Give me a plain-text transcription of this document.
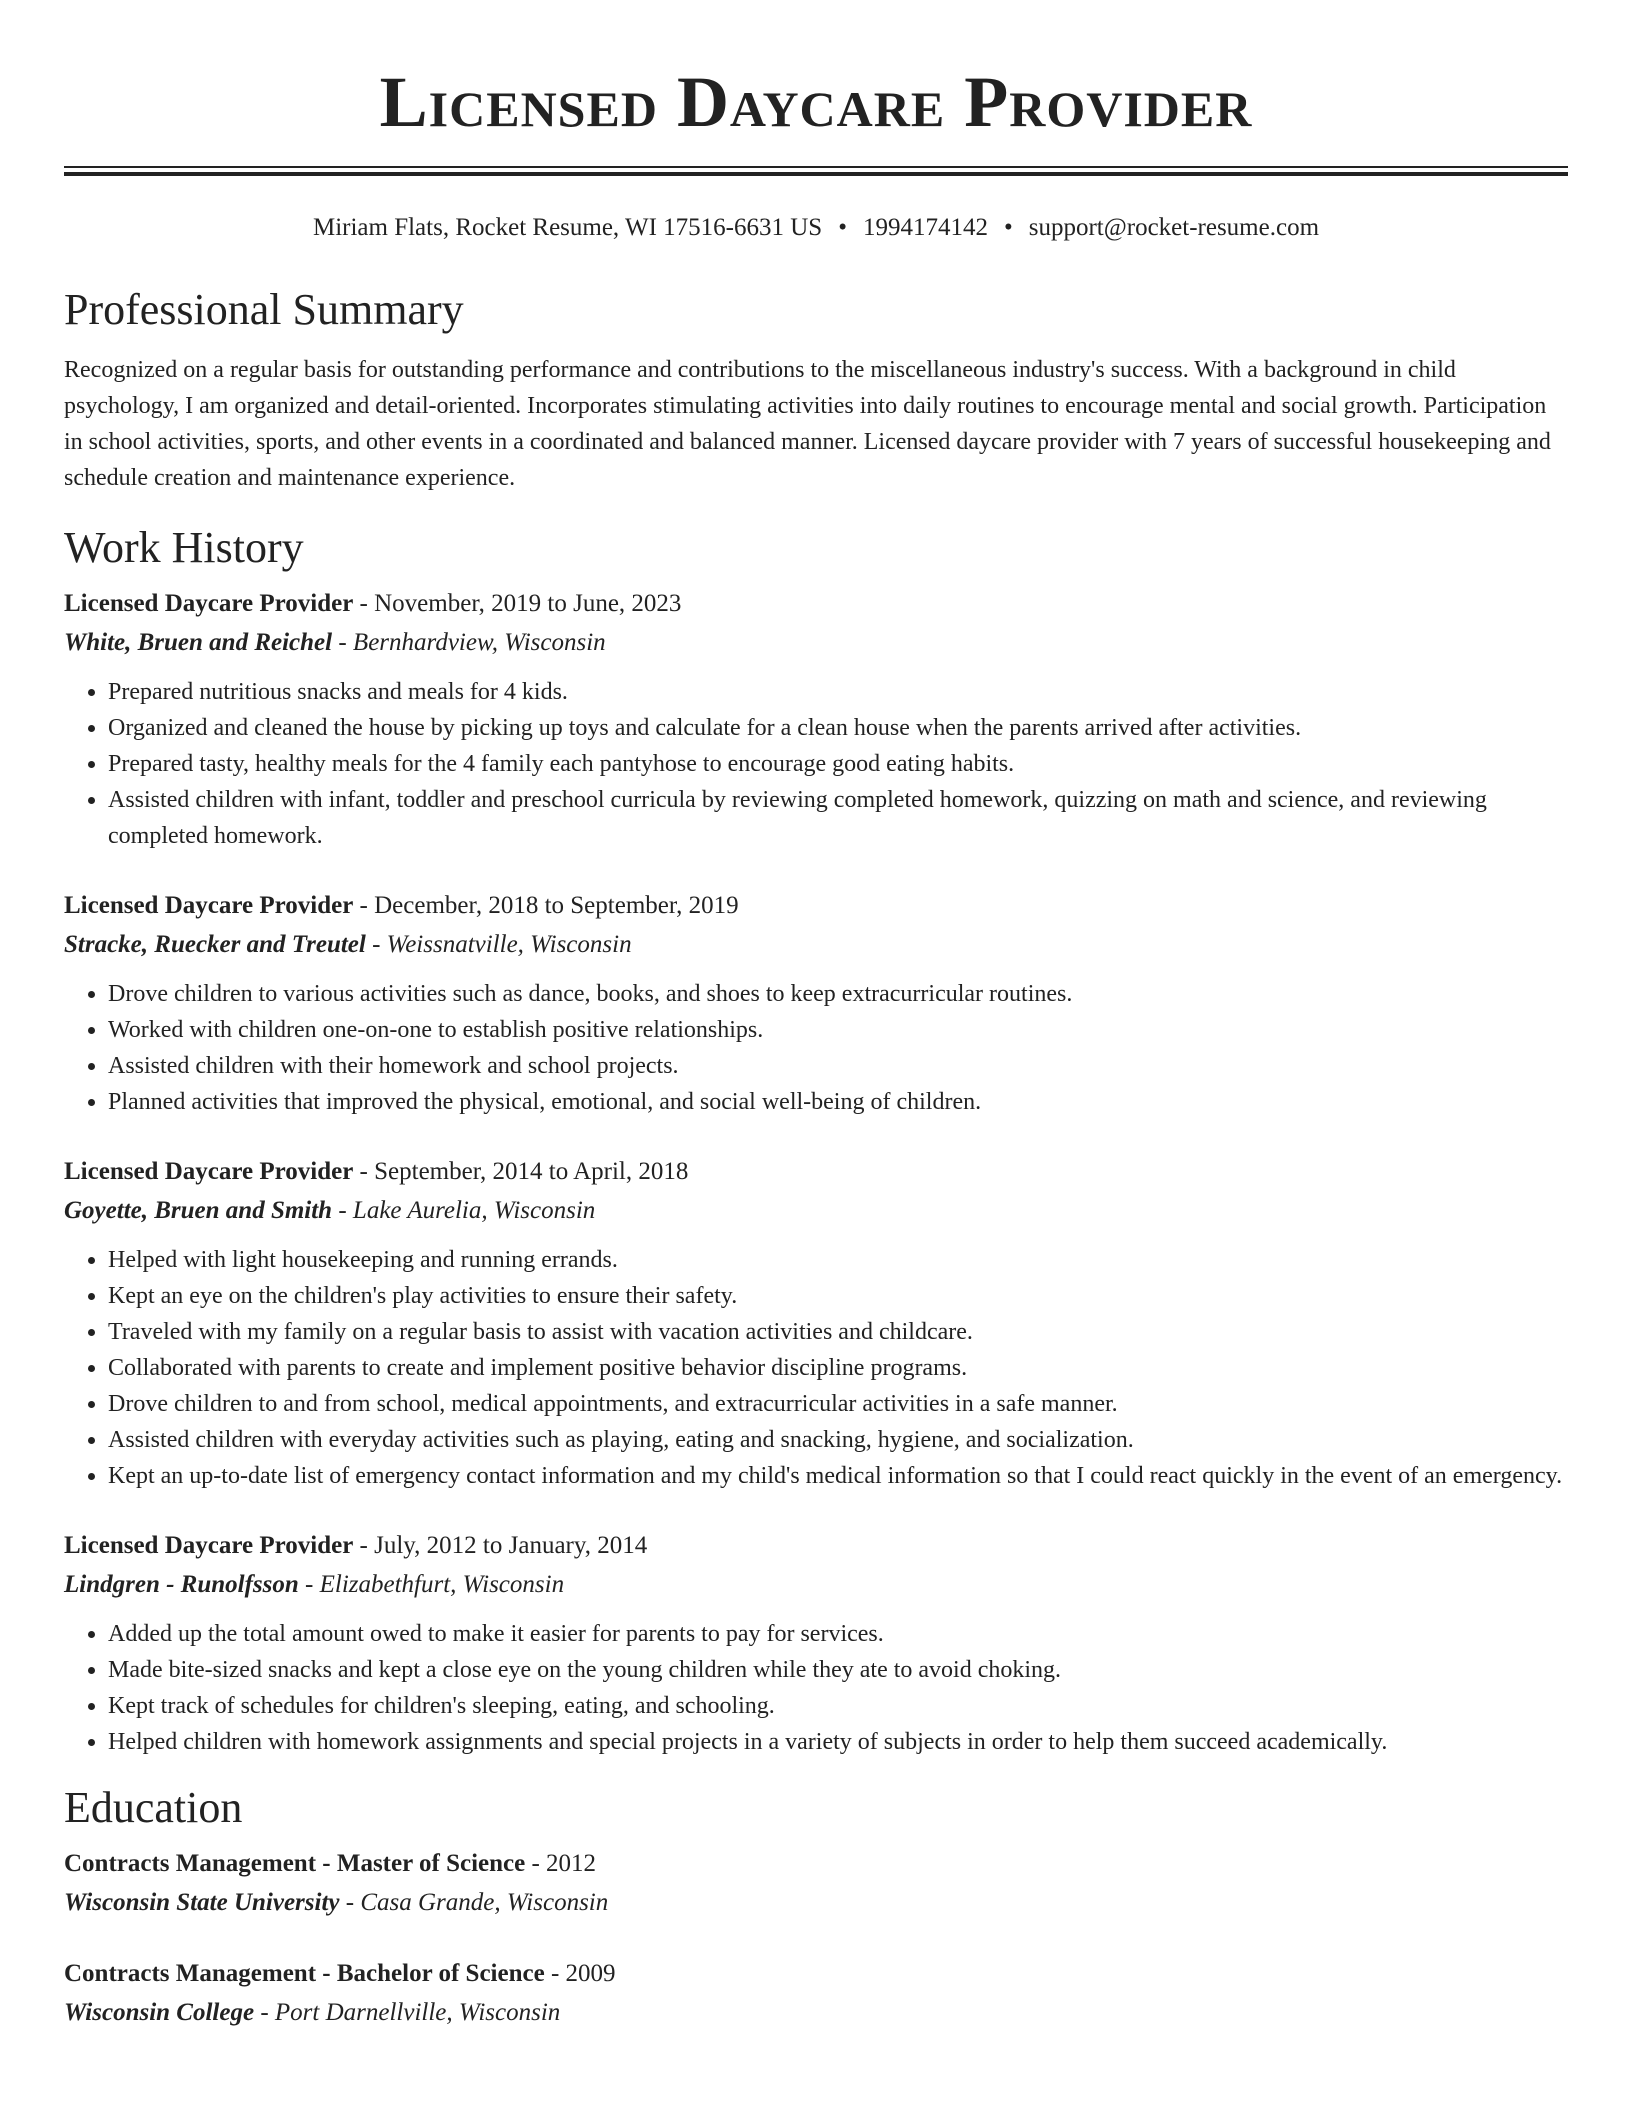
Licensed Daycare Provider
Miriam Flats, Rocket Resume, WI 17516-6631 US • 1994174142 • support@rocket-resume.com
Professional Summary

Recognized on a regular basis for outstanding performance and contributions to the miscellaneous industry's success. With a background in child psychology, I am organized and detail-oriented. Incorporates stimulating activities into daily routines to encourage mental and social growth. Participation in school activities, sports, and other events in a coordinated and balanced manner. Licensed daycare provider with 7 years of successful housekeeping and schedule creation and maintenance experience.

Work History
Licensed Daycare Provider - November, 2019 to June, 2023
White, Bruen and Reichel - Bernhardview, Wisconsin
• Prepared nutritious snacks and meals for 4 kids.
• Organized and cleaned the house by picking up toys and calculate for a clean house when the parents arrived after activities.
• Prepared tasty, healthy meals for the 4 family each pantyhose to encourage good eating habits.
• Assisted children with infant, toddler and preschool curricula by reviewing completed homework, quizzing on math and science, and reviewing completed homework.
Licensed Daycare Provider - December, 2018 to September, 2019
Stracke, Ruecker and Treutel - Weissnatville, Wisconsin
• Drove children to various activities such as dance, books, and shoes to keep extracurricular routines.
• Worked with children one-on-one to establish positive relationships.
• Assisted children with their homework and school projects.
• Planned activities that improved the physical, emotional, and social well-being of children.
Licensed Daycare Provider - September, 2014 to April, 2018
Goyette, Bruen and Smith - Lake Aurelia, Wisconsin
• Helped with light housekeeping and running errands.
• Kept an eye on the children's play activities to ensure their safety.
• Traveled with my family on a regular basis to assist with vacation activities and childcare.
• Collaborated with parents to create and implement positive behavior discipline programs.
• Drove children to and from school, medical appointments, and extracurricular activities in a safe manner.
• Assisted children with everyday activities such as playing, eating and snacking, hygiene, and socialization.
• Kept an up-to-date list of emergency contact information and my child's medical information so that I could react quickly in the event of an emergency.
Licensed Daycare Provider - July, 2012 to January, 2014
Lindgren - Runolfsson - Elizabethfurt, Wisconsin
• Added up the total amount owed to make it easier for parents to pay for services.
• Made bite-sized snacks and kept a close eye on the young children while they ate to avoid choking.
• Kept track of schedules for children's sleeping, eating, and schooling.
• Helped children with homework assignments and special projects in a variety of subjects in order to help them succeed academically.
Education
Contracts Management - Master of Science - 2012
Wisconsin State University - Casa Grande, Wisconsin
Contracts Management - Bachelor of Science - 2009
Wisconsin College - Port Darnellville, Wisconsin
